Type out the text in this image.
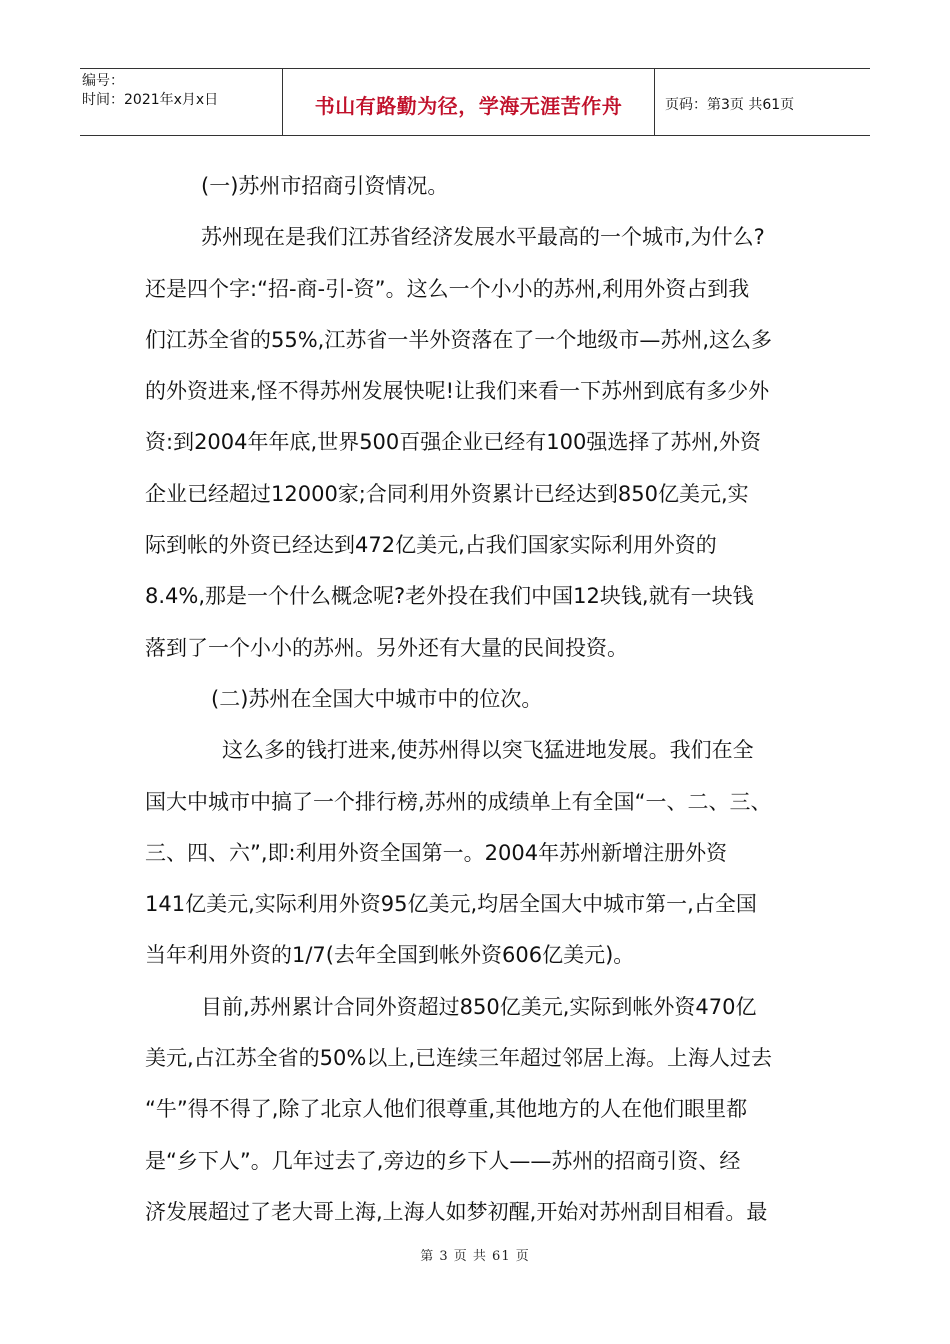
编号：
时间：2021年x月x日	书山有路勤为径，学海无涯苦作舟	页码：第3页 共61页
(一)苏州市招商引资情况。
苏州现在是我们江苏省经济发展水平最高的一个城市,为什么?
还是四个字:“招-商-引-资”。这么一个小小的苏州,利用外资占到我
们江苏全省的55%,江苏省一半外资落在了一个地级市—苏州,这么多
的外资进来,怪不得苏州发展快呢!让我们来看一下苏州到底有多少外
资:到2004年年底,世界500百强企业已经有100强选择了苏州,外资
企业已经超过12000家;合同利用外资累计已经达到850亿美元,实
际到帐的外资已经达到472亿美元,占我们国家实际利用外资的
8.4%,那是一个什么概念呢?老外投在我们中国12块钱,就有一块钱
落到了一个小小的苏州。另外还有大量的民间投资。
(二)苏州在全国大中城市中的位次。
这么多的钱打进来,使苏州得以突飞猛进地发展。我们在全
国大中城市中搞了一个排行榜,苏州的成绩单上有全国“一、二、三、
三、四、六”,即:利用外资全国第一。2004年苏州新增注册外资
141亿美元,实际利用外资95亿美元,均居全国大中城市第一,占全国
当年利用外资的1/7(去年全国到帐外资606亿美元)。
目前,苏州累计合同外资超过850亿美元,实际到帐外资470亿
美元,占江苏全省的50%以上,已连续三年超过邻居上海。上海人过去
“牛”得不得了,除了北京人他们很尊重,其他地方的人在他们眼里都
是“乡下人”。几年过去了,旁边的乡下人——苏州的招商引资、经
济发展超过了老大哥上海,上海人如梦初醒,开始对苏州刮目相看。最
第 3 页 共 61 页
